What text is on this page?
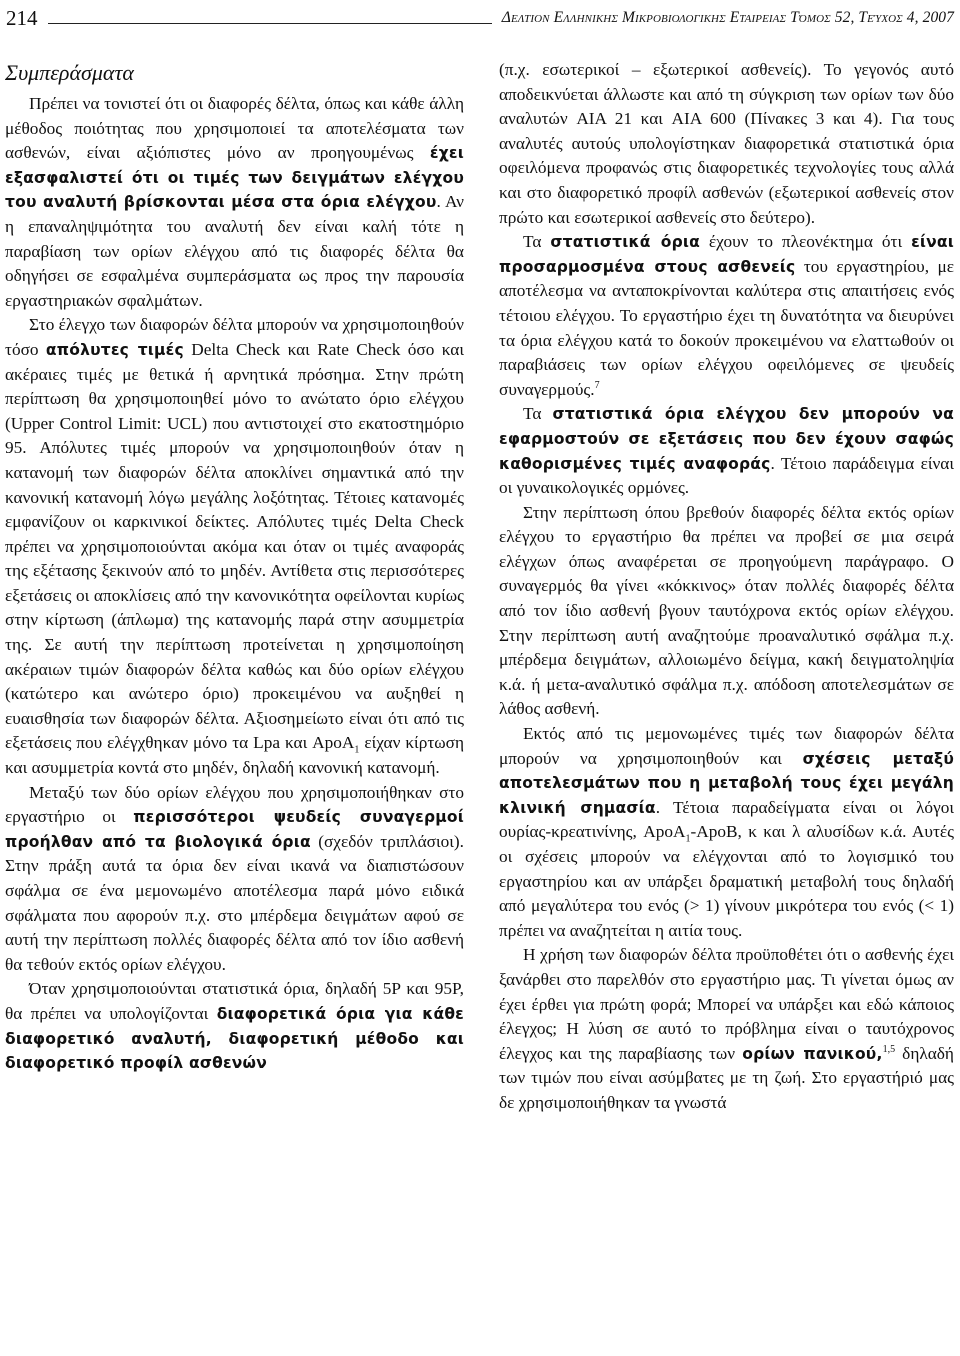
214	Δελτιον Ελληνικης Μικροβιολογικης Εταιρειας Τόμος 52, Τεύχος 4, 2007
Συμπεράσματα

Πρέπει να τονιστεί ότι οι διαφορές δέλτα, όπως και κάθε άλλη μέθοδος ποιότητας που χρησιμοποιεί τα αποτελέσματα των ασθενών, είναι αξιόπιστες μόνο αν προηγουμένως έχει εξασφαλιστεί ότι οι τιμές των δειγμάτων ελέγχου του αναλυτή βρίσκονται μέσα στα όρια ελέγχου. Αν η επαναληψιμότητα του αναλυτή δεν είναι καλή τότε η παραβίαση των ορίων ελέγχου από τις διαφορές δέλτα θα οδηγήσει σε εσφαλμένα συμπεράσματα ως προς την παρουσία εργαστηριακών σφαλμάτων.

Στο έλεγχο των διαφορών δέλτα μπορούν να χρησιμοποιηθούν τόσο απόλυτες τιμές Delta Check και Rate Check όσο και ακέραιες τιμές με θετικά ή αρνητικά πρόσημα. Στην πρώτη περίπτωση θα χρησιμοποιηθεί μόνο το ανώτατο όριο ελέγχου (Upper Control Limit: UCL) που αντιστοιχεί στο εκατοστημόριο 95. Απόλυτες τιμές μπορούν να χρησιμοποιηθούν όταν η κατανομή των διαφορών δέλτα αποκλίνει σημαντικά από την κανονική κατανομή λόγω μεγάλης λοξότητας. Τέτοιες κατανομές εμφανίζουν οι καρκινικοί δείκτες. Απόλυτες τιμές Delta Check πρέπει να χρησιμοποιούνται ακόμα και όταν οι τιμές αναφοράς της εξέτασης ξεκινούν από το μηδέν. Αντίθετα στις περισσότερες εξετάσεις οι αποκλίσεις από την κανονικότητα οφείλονται κυρίως στην κίρτωση (άπλωμα) της κατανομής παρά στην ασυμμετρία της. Σε αυτή την περίπτωση προτείνεται η χρησιμοποίηση ακέραιων τιμών διαφορών δέλτα καθώς και δύο ορίων ελέγχου (κατώτερο και ανώτερο όριο) προκειμένου να αυξηθεί η ευαισθησία των διαφορών δέλτα. Αξιοσημείωτο είναι ότι από τις εξετάσεις που ελέγχθηκαν μόνο τα Lpa και ApoA$_1$ είχαν κίρτωση και ασυμμετρία κοντά στο μηδέν, δηλαδή κανονική κατανομή.

Μεταξύ των δύο ορίων ελέγχου που χρησιμοποιήθηκαν στο εργαστήριο οι περισσότεροι ψευδείς συναγερμοί προήλθαν από τα βιολογικά όρια (σχεδόν τριπλάσιοι). Στην πράξη αυτά τα όρια δεν είναι ικανά να διαπιστώσουν σφάλμα σε ένα μεμονωμένο αποτέλεσμα παρά μόνο ειδικά σφάλματα που αφορούν π.χ. στο μπέρδεμα δειγμάτων αφού σε αυτή την περίπτωση πολλές διαφορές δέλτα από τον ίδιο ασθενή θα τεθούν εκτός ορίων ελέγχου.

Όταν χρησιμοποιούνται στατιστικά όρια, δηλαδή 5P και 95P, θα πρέπει να υπολογίζονται διαφορετικά όρια για κάθε διαφορετικό αναλυτή, διαφορετική μέθοδο και διαφορετικό προφίλ ασθενών

(π.χ. εσωτερικοί – εξωτερικοί ασθενείς). Το γεγονός αυτό αποδεικνύεται άλλωστε και από τη σύγκριση των ορίων των δύο αναλυτών AIA 21 και AIA 600 (Πίνακες 3 και 4). Για τους αναλυτές αυτούς υπολογίστηκαν διαφορετικά στατιστικά όρια οφειλόμενα προφανώς στις διαφορετικές τεχνολογίες τους αλλά και στο διαφορετικό προφίλ ασθενών (εξωτερικοί ασθενείς στον πρώτο και εσωτερικοί ασθενείς στο δεύτερο).

Τα στατιστικά όρια έχουν το πλεονέκτημα ότι είναι προσαρμοσμένα στους ασθενείς του εργαστηρίου, με αποτέλεσμα να ανταποκρίνονται καλύτερα στις απαιτήσεις ενός τέτοιου ελέγχου. Το εργαστήριο έχει τη δυνατότητα να διευρύνει τα όρια ελέγχου κατά το δοκούν προκειμένου να ελαττωθούν οι παραβιάσεις των ορίων ελέγχου οφειλόμενες σε ψευδείς συναγερμούς.$^7$

Τα στατιστικά όρια ελέγχου δεν μπορούν να εφαρμοστούν σε εξετάσεις που δεν έχουν σαφώς καθορισμένες τιμές αναφοράς. Τέτοιο παράδειγμα είναι οι γυναικολογικές ορμόνες.

Στην περίπτωση όπου βρεθούν διαφορές δέλτα εκτός ορίων ελέγχου το εργαστήριο θα πρέπει να προβεί σε μια σειρά ελέγχων όπως αναφέρεται σε προηγούμενη παράγραφο. Ο συναγερμός θα γίνει «κόκκινος» όταν πολλές διαφορές δέλτα από τον ίδιο ασθενή βγουν ταυτόχρονα εκτός ορίων ελέγχου. Στην περίπτωση αυτή αναζητούμε προαναλυτικό σφάλμα π.χ. μπέρδεμα δειγμάτων, αλλοιωμένο δείγμα, κακή δειγματοληψία κ.ά. ή μετα-αναλυτικό σφάλμα π.χ. απόδοση αποτελεσμάτων σε λάθος ασθενή.

Εκτός από τις μεμονωμένες τιμές των διαφορών δέλτα μπορούν να χρησιμοποιηθούν και σχέσεις μεταξύ αποτελεσμάτων που η μεταβολή τους έχει μεγάλη κλινική σημασία. Τέτοια παραδείγματα είναι οι λόγοι ουρίας-κρεατινίνης, ApoA$_1$-ApoB, κ και λ αλυσίδων κ.ά. Αυτές οι σχέσεις μπορούν να ελέγχονται από το λογισμικό του εργαστηρίου και αν υπάρξει δραματική μεταβολή τους δηλαδή από μεγαλύτερα του ενός (> 1) γίνουν μικρότερα του ενός (< 1) πρέπει να αναζητείται η αιτία τους.

Η χρήση των διαφορών δέλτα προϋποθέτει ότι ο ασθενής έχει ξανάρθει στο παρελθόν στο εργαστήριο μας. Τι γίνεται όμως αν έχει έρθει για πρώτη φορά; Μπορεί να υπάρξει και εδώ κάποιος έλεγχος; Η λύση σε αυτό το πρόβλημα είναι ο ταυτόχρονος έλεγχος και της παραβίασης των ορίων πανικού,$^{1,5}$ δηλαδή των τιμών που είναι ασύμβατες με τη ζωή. Στο εργαστήριό μας δε χρησιμοποιήθηκαν τα γνωστά
